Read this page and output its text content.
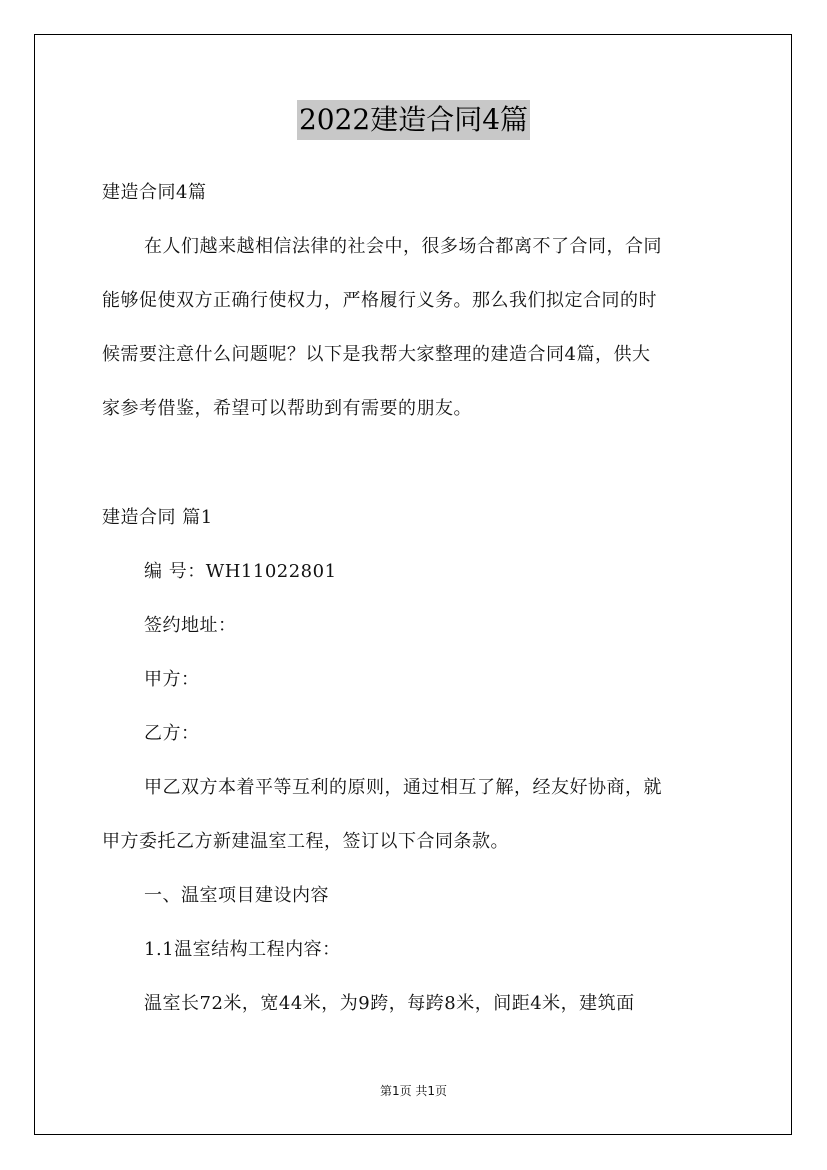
2022建造合同4篇
建造合同4篇
在人们越来越相信法律的社会中，很多场合都离不了合同，合同
能够促使双方正确行使权力，严格履行义务。那么我们拟定合同的时
候需要注意什么问题呢？以下是我帮大家整理的建造合同4篇，供大
家参考借鉴，希望可以帮助到有需要的朋友。
建造合同 篇1
编 号：WH11022801
签约地址：
甲方：
乙方：
甲乙双方本着平等互利的原则，通过相互了解，经友好协商，就
甲方委托乙方新建温室工程，签订以下合同条款。
一、温室项目建设内容
1.1温室结构工程内容：
温室长72米，宽44米，为9跨，每跨8米，间距4米，建筑面
第1页 共1页
